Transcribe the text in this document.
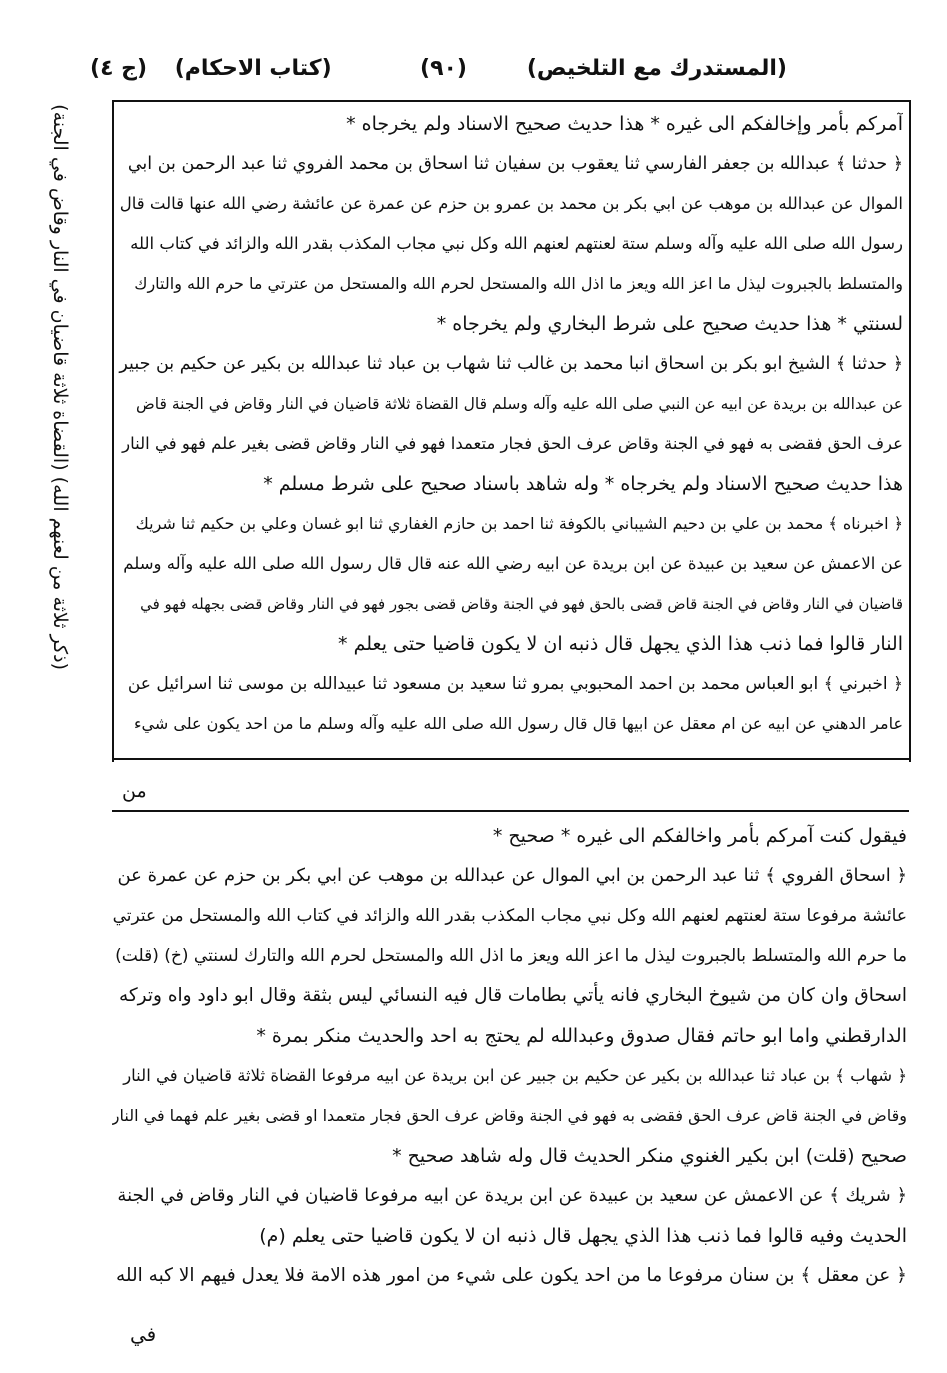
(المستدرك مع التلخيص)
(٩٠)
(كتاب الاحكام) (ج ٤)
(ذكر ثلاثة من لعنهم الله) (القضاة ثلاثة قاضيان في النار وقاض في الجنة)	آمركم بأمر وإخالفكم الى غيره * هذا حديث صحيح الاسناد ولم يخرجاه *
﴿ حدثنا ﴾ عبدالله بن جعفر الفارسي ثنا يعقوب بن سفيان ثنا اسحاق بن محمد الفروي ثنا عبد الرحمن بن ابي
الموال عن عبدالله بن موهب عن ابي بكر بن محمد بن عمرو بن حزم عن عمرة عن عائشة رضي الله عنها قالت قال
رسول الله صلى الله عليه وآله وسلم ستة لعنتهم لعنهم الله وكل نبي مجاب المكذب بقدر الله والزائد في كتاب الله
والمتسلط بالجبروت ليذل ما اعز الله ويعز ما اذل الله والمستحل لحرم الله والمستحل من عترتي ما حرم الله والتارك
لسنتي * هذا حديث صحيح على شرط البخاري ولم يخرجاه *
﴿ حدثنا ﴾ الشيخ ابو بكر بن اسحاق انبا محمد بن غالب ثنا شهاب بن عباد ثنا عبدالله بن بكير عن حكيم بن جبير
عن عبدالله بن بريدة عن ابيه عن النبي صلى الله عليه وآله وسلم قال القضاة ثلاثة قاضيان في النار وقاض في الجنة قاض
عرف الحق فقضى به فهو في الجنة وقاض عرف الحق فجار متعمدا فهو في النار وقاض قضى بغير علم فهو في النار
هذا حديث صحيح الاسناد ولم يخرجاه * وله شاهد باسناد صحيح على شرط مسلم *
﴿ اخبرناه ﴾ محمد بن علي بن دحيم الشيباني بالكوفة ثنا احمد بن حازم الغفاري ثنا ابو غسان وعلي بن حكيم ثنا شريك
عن الاعمش عن سعيد بن عبيدة عن ابن بريدة عن ابيه رضي الله عنه قال قال رسول الله صلى الله عليه وآله وسلم
قاضيان في النار وقاض في الجنة قاض قضى بالحق فهو في الجنة وقاض قضى بجور فهو في النار وقاض قضى بجهله فهو في
النار قالوا فما ذنب هذا الذي يجهل قال ذنبه ان لا يكون قاضيا حتى يعلم *
﴿ اخبرني ﴾ ابو العباس محمد بن احمد المحبوبي بمرو ثنا سعيد بن مسعود ثنا عبيدالله بن موسى ثنا اسرائيل عن
عامر الدهني عن ابيه عن ام معقل عن ابيها قال قال رسول الله صلى الله عليه وآله وسلم ما من احد يكون على شيء
من
فيقول كنت آمركم بأمر واخالفكم الى غيره * صحيح *
﴿ اسحاق الفروي ﴾ ثنا عبد الرحمن بن ابي الموال عن عبدالله بن موهب عن ابي بكر بن حزم عن عمرة عن
عائشة مرفوعا ستة لعنتهم لعنهم الله وكل نبي مجاب المكذب بقدر الله والزائد في كتاب الله والمستحل من عترتي
ما حرم الله والمتسلط بالجبروت ليذل ما اعز الله ويعز ما اذل الله والمستحل لحرم الله والتارك لسنتي (خ) (قلت)
اسحاق وان كان من شيوخ البخاري فانه يأتي بطامات قال فيه النسائي ليس بثقة وقال ابو داود واه وتركه
الدارقطني واما ابو حاتم فقال صدوق وعبدالله لم يحتج به احد والحديث منكر بمرة *
﴿ شهاب ﴾ بن عباد ثنا عبدالله بن بكير عن حكيم بن جبير عن ابن بريدة عن ابيه مرفوعا القضاة ثلاثة قاضيان في النار
وقاض في الجنة قاض عرف الحق فقضى به فهو في الجنة وقاض عرف الحق فجار متعمدا او قضى بغير علم فهما في النار
صحيح (قلت) ابن بكير الغنوي منكر الحديث قال وله شاهد صحيح *
﴿ شريك ﴾ عن الاعمش عن سعيد بن عبيدة عن ابن بريدة عن ابيه مرفوعا قاضيان في النار وقاض في الجنة
الحديث وفيه قالوا فما ذنب هذا الذي يجهل قال ذنبه ان لا يكون قاضيا حتى يعلم (م)
﴿ عن معقل ﴾ بن سنان مرفوعا ما من احد يكون على شيء من امور هذه الامة فلا يعدل فيهم الا كبه الله
في
